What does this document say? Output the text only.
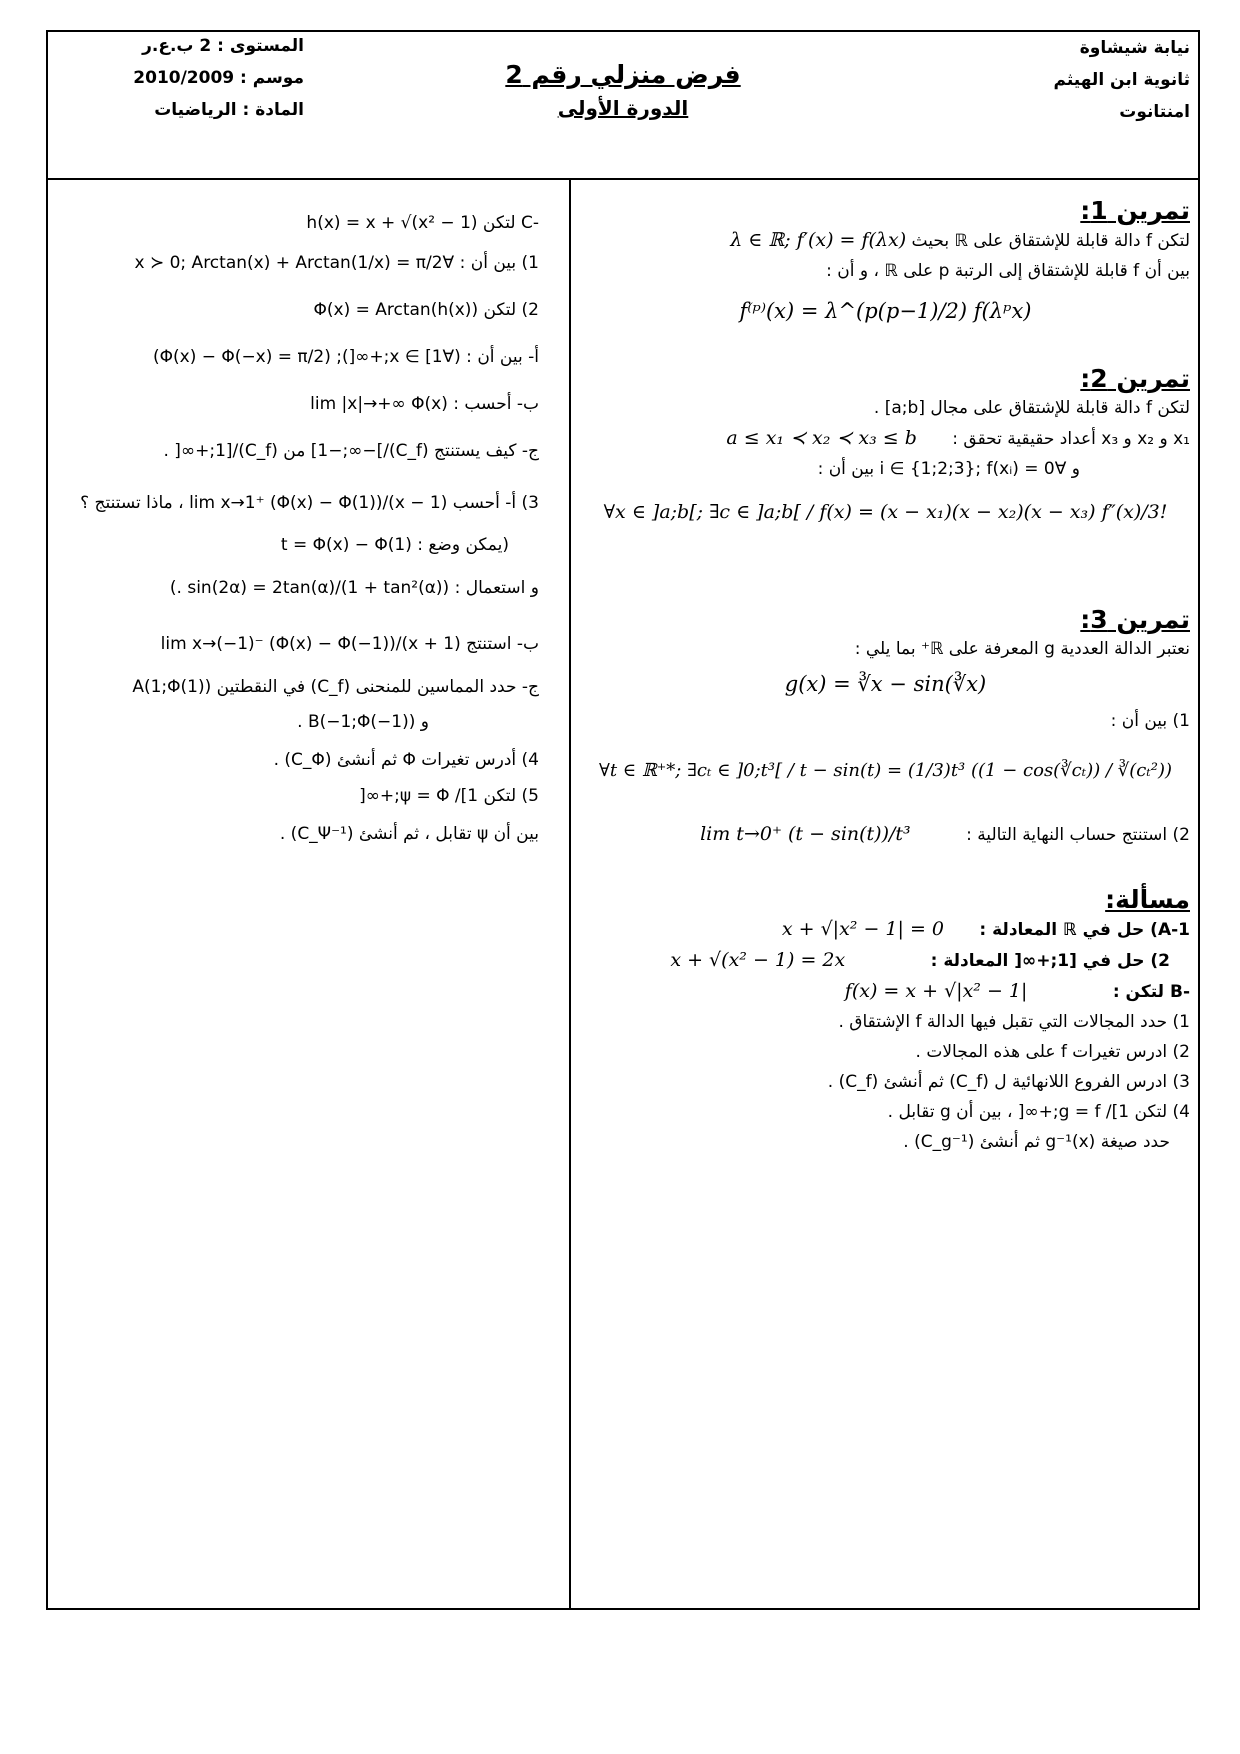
نيابة شيشاوة
ثانوية ابن الهيثم
امنتانوت
فرض منزلي رقم 2
الدورة الأولى
المستوى : 2 ب.ع.ر
موسم : 2010/2009
المادة : الرياضيات
تمرين 1:
لتكن f دالة قابلة للإشتقاق على ℝ بحيث λ ∈ ℝ; f′(x) = f(λx)
بين أن f قابلة للإشتقاق إلى الرتبة p على ℝ ، و أن :
f⁽ᵖ⁾(x) = λ^(p(p−1)/2) f(λᵖx)
تمرين 2:
لتكن f دالة قابلة للإشتقاق على مجال [a;b] .
x₁ و x₂ و x₃ أعداد حقيقية تحقق : a ≤ x₁ ≺ x₂ ≺ x₃ ≤ b
و ∀i ∈ {1;2;3}; f(xᵢ) = 0 بين أن :
∀x ∈ ]a;b[; ∃c ∈ ]a;b[ / f(x) = (x − x₁)(x − x₂)(x − x₃) f″(x)/3!
تمرين 3:
نعتبر الدالة العددية g المعرفة على ℝ⁺ بما يلي :
g(x) = ∛x − sin(∛x)
1) بين أن :
∀t ∈ ℝ⁺*; ∃cₜ ∈ ]0;t³[ / t − sin(t) = (1/3)t³ ((1 − cos(∛cₜ)) / ∛(cₜ²))
2) استنتج حساب النهاية التالية : lim t→0⁺ (t − sin(t))/t³
مسألة:
A-1) حل في ℝ المعادلة : x + √|x² − 1| = 0
2) حل في [1;+∞[ المعادلة : x + √(x² − 1) = 2x
-B لتكن : f(x) = x + √|x² − 1|
1) حدد المجالات التي تقبل فيها الدالة f الإشتقاق .
2) ادرس تغيرات f على هذه المجالات .
3) ادرس الفروع اللانهائية ل (C_f) ثم أنشئ (C_f) .
4) لتكن g = f /[1;+∞[ ، بين أن g تقابل .
حدد صيغة g⁻¹(x) ثم أنشئ (C_g⁻¹) .
-C لتكن h(x) = x + √(x² − 1)
1) بين أن : ∀x ≻ 0; Arctan(x) + Arctan(1/x) = π/2
2) لتكن Φ(x) = Arctan(h(x))
أ- بين أن : (∀x ∈ [1;+∞[); (Φ(x) − Φ(−x) = π/2)
ب- أحسب : lim |x|→+∞ Φ(x)
ج- كيف يستنتج (C_f)/]−∞;−1] من (C_f)/[1;+∞[ .
3) أ- أحسب lim x→1⁺ (Φ(x) − Φ(1))/(x − 1) ، ماذا تستنتج ؟
(يمكن وضع : t = Φ(x) − Φ(1)
و استعمال : sin(2α) = 2tan(α)/(1 + tan²(α)) .)
ب- استنتج lim x→(−1)⁻ (Φ(x) − Φ(−1))/(x + 1)
ج- حدد المماسين للمنحنى (C_f) في النقطتين A(1;Φ(1))
و B(−1;Φ(−1)) .
4) أدرس تغيرات Φ ثم أنشئ (C_Φ) .
5) لتكن ψ = Φ /[1;+∞[
بين أن ψ تقابل ، ثم أنشئ (C_Ψ⁻¹) .
